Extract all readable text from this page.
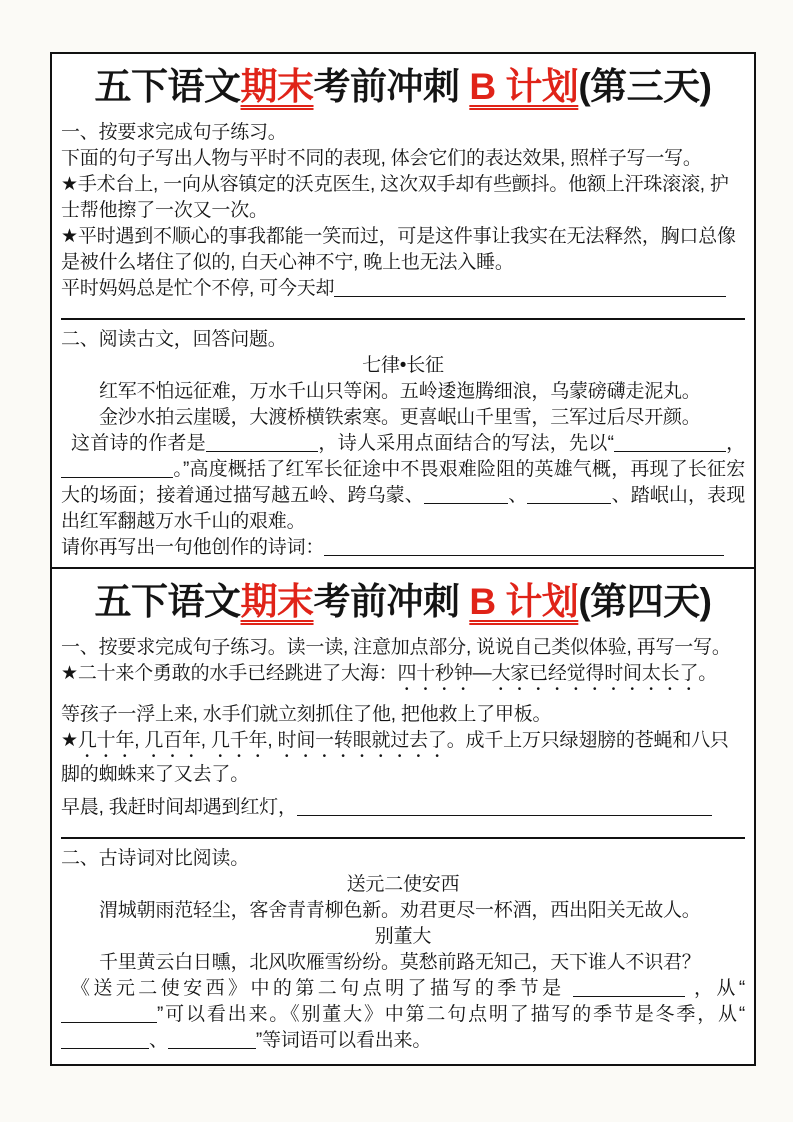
五下语文期末考前冲刺 B 计划(第三天)

一、按要求完成句子练习。

下面的句子写出人物与平时不同的表现, 体会它们的表达效果, 照样子写一写。

★手术台上, 一向从容镇定的沃克医生, 这次双手却有些颤抖。他额上汗珠滚滚, 护士帮他擦了一次又一次。

★平时遇到不顺心的事我都能一笑而过，可是这件事让我实在无法释然，胸口总像是被什么堵住了似的, 白天心神不宁, 晚上也无法入睡。

平时妈妈总是忙个不停, 可今天却

二、阅读古文，回答问题。

七律•长征

红军不怕远征难，万水千山只等闲。五岭逶迤腾细浪，乌蒙磅礴走泥丸。

金沙水拍云崖暖，大渡桥横铁索寒。更喜岷山千里雪，三军过后尽开颜。

这首诗的作者是	，诗人采用点面结合的写法，先以“	，。”高度概括了红军长征途中不畏艰难险阻的英雄气概，再现了长征宏大的场面；接着通过描写越五岭、跨乌蒙、	、	、踏岷山，表现出红军翻越万水千山的艰难。

请你再写出一句他创作的诗词：

五下语文期末考前冲刺 B 计划(第四天)

一、按要求完成句子练习。读一读, 注意加点部分, 说说自己类似体验, 再写一写。

★二十来个勇敢的水手已经跳进了大海：四十秒钟—大家已经觉得时间太长了。

等孩子一浮上来, 水手们就立刻抓住了他, 把他救上了甲板。

★几十年, 几百年, 几千年, 时间一转眼就过去了。成千上万只绿翅膀的苍蝇和八只脚的蜘蛛来了又去了。

早晨, 我赶时间却遇到红灯，

二、古诗词对比阅读。

送元二使安西

渭城朝雨范轻尘，客舍青青柳色新。劝君更尽一杯酒，西出阳关无故人。

别董大

千里黄云白日曛，北风吹雁雪纷纷。莫愁前路无知己，天下谁人不识君？

《送元二使安西》中的第二句点明了描写的季节是	，从“”可以看出来。《别董大》中第二句点明了描写的季节是冬季，从“、	”等词语可以看出来。
